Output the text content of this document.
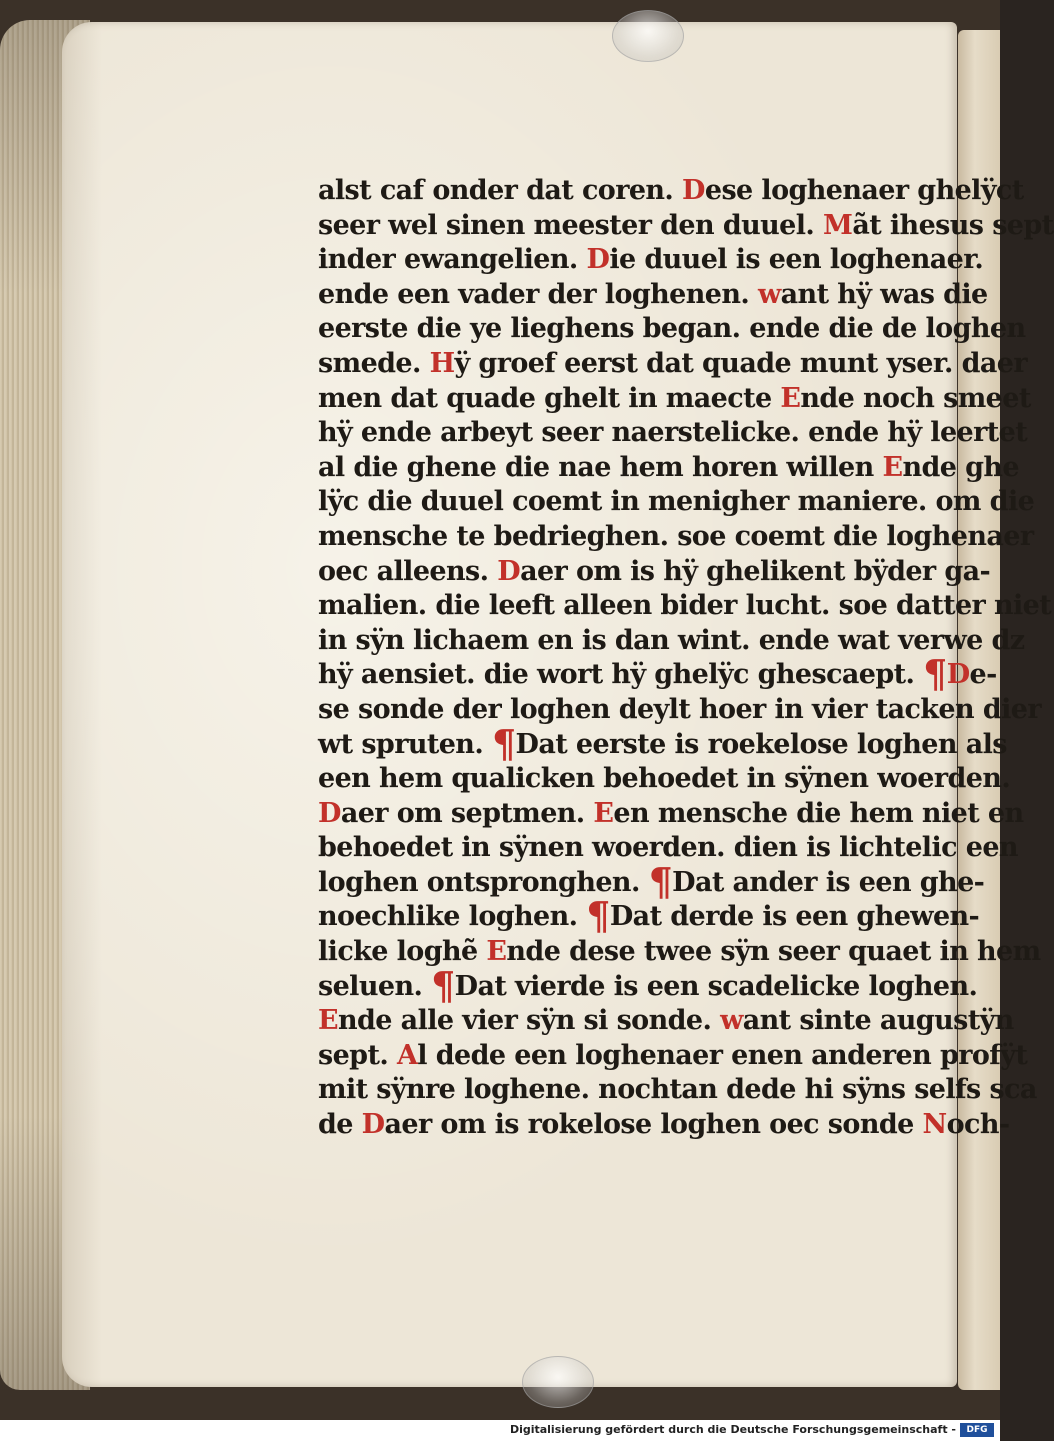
alst caf onder dat coren. Dese loghenaer ghelÿct
seer wel sinen meester den duuel. Mãt ihesus sept
inder ewangelien. Die duuel is een loghenaer.
ende een vader der loghenen. want hÿ was die
eerste die ye lieghens began. ende die de loghen
smede. Hÿ groef eerst dat quade munt yser. daer
men dat quade ghelt in maecte Ende noch smeet
hÿ ende arbeyt seer naerstelicke. ende hÿ leertet
al die ghene die nae hem horen willen Ende ghe
lÿc die duuel coemt in menigher maniere. om die
mensche te bedrieghen. soe coemt die loghenaer
oec alleens. Daer om is hÿ ghelikent bÿder ga-
malien. die leeft alleen bider lucht. soe datter niet
in sÿn lichaem en is dan wint. ende wat verwe dz
hÿ aensiet. die wort hÿ ghelÿc ghescaept. ¶De-
se sonde der loghen deylt hoer in vier tacken dier
wt spruten. ¶Dat eerste is roekelose loghen als
een hem qualicken behoedet in sÿnen woerden.
Daer om septmen. Een mensche die hem niet en
behoedet in sÿnen woerden. dien is lichtelic een
loghen ontspronghen. ¶Dat ander is een ghe-
noechlike loghen. ¶Dat derde is een ghewen-
licke loghẽ Ende dese twee sÿn seer quaet in hem
seluen. ¶Dat vierde is een scadelicke loghen.
Ende alle vier sÿn si sonde. want sinte augustÿn
sept. Al dede een loghenaer enen anderen profÿt
mit sÿnre loghene. nochtan dede hi sÿns selfs sca
de Daer om is rokelose loghen oec sonde Noch-
Digitalisierung gefördert durch die Deutsche Forschungsgemeinschaft -	DFG
